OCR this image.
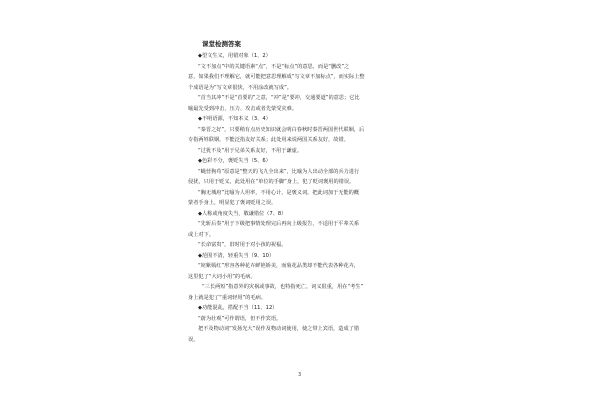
课堂检测答案
◆望文生义，用错对象（1、2）
“文不加点”中的关键语素“点”，不是“标点”的意思，而是“删改”之
意，如果我们不理解它，就可能把意思理解成“写文章不加标点”，而实际上整
个成语是为“写文章很快，不用涂改就写成”。
“首当其冲”不是“首要的”之意，“冲”是“要冲，交通要道”的意思；它比
喻最先受到冲击，压力、攻击或者先蒙受灾难。
◆不明语源，不知本义（3、4）
“秦晋之好”，只要稍有点历史知识就会明白春秋时秦晋两国世代联姻，后
专指两姓联姻，不能泛指友好关系；此处用来说两国关系友好，故错。
“过犹不及”用于兄弟关系友好，不用于谦虚。
◆色彩不分，褒贬失当（5、6）
“蝇营狗苟”原意是“整天的飞九全出来”，比喻为人出动全部的兵力进行
侵扰，只用于贬义，此处用在“单位的手脚”身上，犯了贬词褒用的错误。
“胸无城府”比喻为人坦率，不用心计，是褒义词。把此词加于无能的概
蒙者手身上，明显犯了褒词贬用之误。
◆人称或角度失当，敬谦错位（7、8）
“先斩后奏”用于下级把事情处理完后再向上级报告，不适用于平辈关系
或上对下。
“长命富贵”，旧时用于对小孩的祝福。
◆范围不清，轻重失当（9、10）
“姹紫嫣红”形容各种花卉鲜艳娇美，而菊花品类却不能代表各种花卉，
这里犯了“大词小用”的毛病。
“三长两短”指意外的灾祸或事故，也特指死亡，词义很重，用在“考生”
身上就是犯了“重词轻用”的毛病。
◆功能混乱，搭配不当（11、12）
“蔚为壮观”可作谓语，但不作宾语。
把不及物动词“发扬光大”误作及物动词使用，使之带上宾语，造成了错
误。
3
